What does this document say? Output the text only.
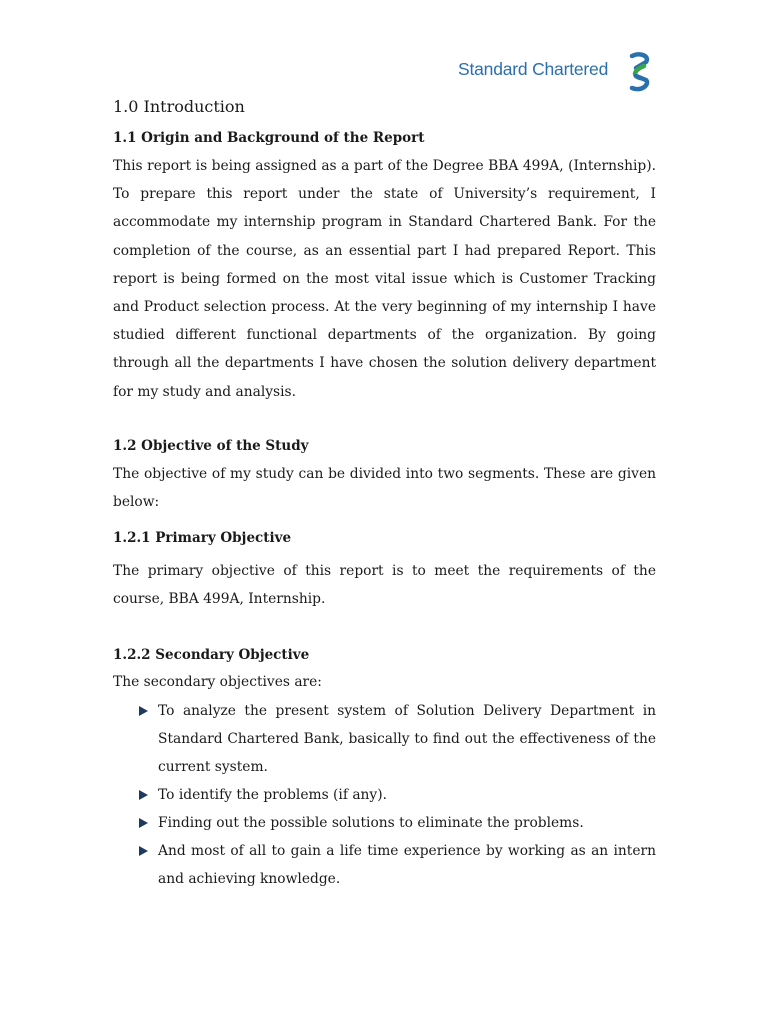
Standard Chartered
1.0 Introduction
1.1 Origin and Background of the Report

This report is being assigned as a part of the Degree BBA 499A, (Internship). To prepare this report under the state of University’s requirement, I accommodate my internship program in Standard Chartered Bank. For the completion of the course, as an essential part I had prepared Report. This report is being formed on the most vital issue which is Customer Tracking and Product selection process. At the very beginning of my internship I have studied different functional departments of the organization. By going through all the departments I have chosen the solution delivery department for my study and analysis.

1.2 Objective of the Study

The objective of my study can be divided into two segments. These are given below:

1.2.1 Primary Objective

The primary objective of this report is to meet the requirements of the course, BBA 499A, Internship.

1.2.2 Secondary Objective

The secondary objectives are:

To analyze the present system of Solution Delivery Department in Standard Chartered Bank, basically to find out the effectiveness of the current system.
To identify the problems (if any).
Finding out the possible solutions to eliminate the problems.
And most of all to gain a life time experience by working as an intern and achieving knowledge.
